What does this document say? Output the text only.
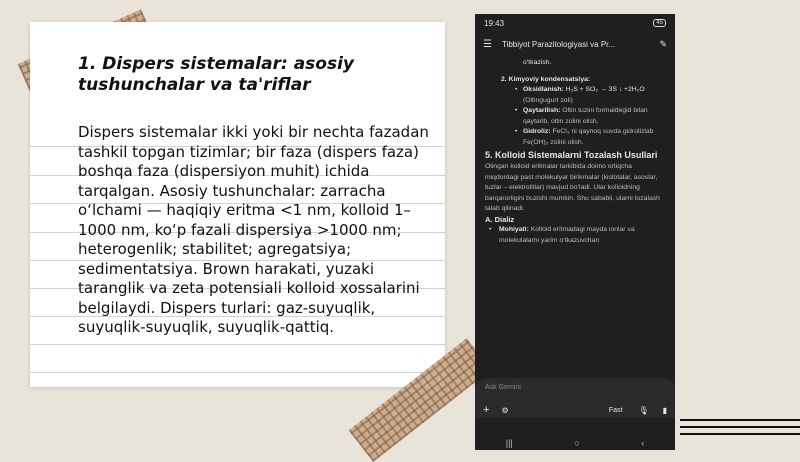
1. Dispers sistemalar: asosiy tushunchalar va ta'riflar
Dispers sistemalar ikki yoki bir nechta fazadan tashkil topgan tizimlar; bir faza (dispers faza) boshqa faza (dispersiyon muhit) ichida tarqalgan. Asosiy tushunchalar: zarracha o‘lchami — haqiqiy eritma <1 nm, kolloid 1–1000 nm, ko‘p fazali dispersiya >1000 nm; heterogenlik; stabilitet; agregatsiya; sedimentatsiya. Brown harakati, yuzaki taranglik va zeta potensiali kolloid xossalarini belgilaydi. Dispers turlari: gaz-suyuqlik, suyuqlik-suyuqlik, suyuqlik-qattiq.
19:43	45
☰ Tibbiyot Parazitologiyasi va Pr...	✎

o‘tkazish.

2. Kimyoviy kondensatsiya:

• Oksidlanish: H₂S + SO₂ → 3S ↓ +2H₂O

(Oltingugurt zoli)

• Qaytarilish: Oltin tuzini formaldegid bilan qaytarib, oltin zolini olish.

• Gidroliz: FeCl₃ ni qaynoq suvda gidrolizlab Fe(OH)₃ zolini olish.

5. Kolloid Sistemalarni Tozalash Usullari

Olingan kolloid eritmalar tarkibida doimo ortiqcha miqdordagi past molekulyar birikmalar (kislotalar, asoslar, tuzlar – elektrolitlar) mavjud bo‘ladi. Ular kolloidning barqarorligini buzishi mumkin. Shu sababli, ularni tozalash talab qilinadi.

A. Dializ

• Mohiyati: Kolloid eritmadagi mayda ionlar va molekulalarni yarim o‘tkazuvchan

Ask Gemini
+ ⚙	Fast 🎙 ▮
|||	○	‹
